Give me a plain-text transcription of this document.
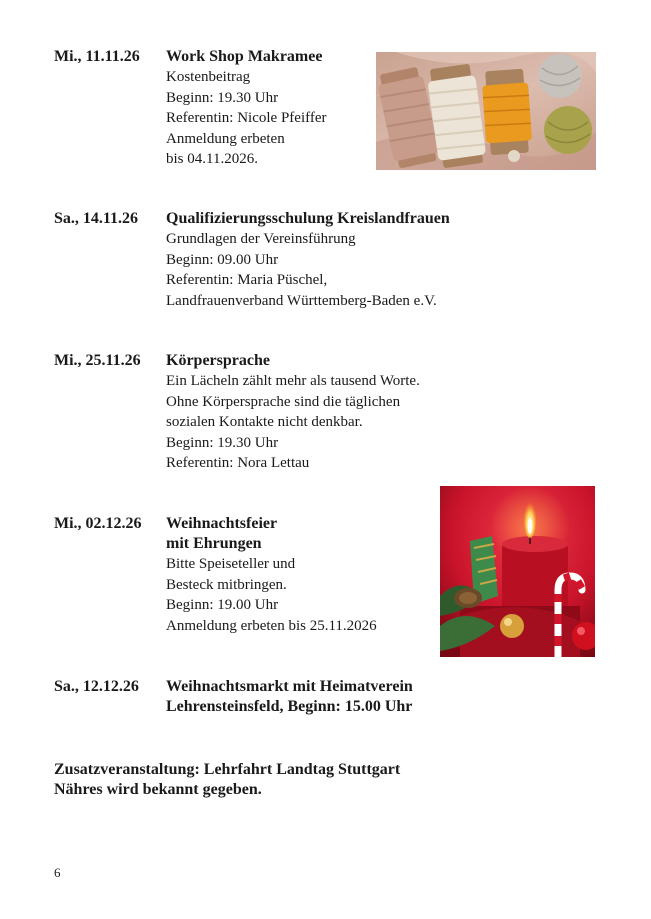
Mi., 11.11.26 Work Shop Makramee
Kostenbeitrag
Beginn: 19.30 Uhr
Referentin: Nicole Pfeiffer
Anmeldung erbeten
bis 04.11.2026.
Sa., 14.11.26 Qualifizierungsschulung Kreislandfrauen
Grundlagen der Vereinsführung
Beginn: 09.00 Uhr
Referentin: Maria Püschel,
Landfrauenverband Württemberg-Baden e.V.
Mi., 25.11.26 Körpersprache
Ein Lächeln zählt mehr als tausend Worte.
Ohne Körpersprache sind die täglichen
sozialen Kontakte nicht denkbar.
Beginn: 19.30 Uhr
Referentin: Nora Lettau
Mi., 02.12.26 Weihnachtsfeier
mit Ehrungen
Bitte Speiseteller und
Besteck mitbringen.
Beginn: 19.00 Uhr
Anmeldung erbeten bis 25.11.2026
Sa., 12.12.26 Weihnachtsmarkt mit Heimatverein
Lehrensteinsfeld, Beginn: 15.00 Uhr
Zusatzveranstaltung: Lehrfahrt Landtag Stuttgart
Nähres wird bekannt gegeben.
6
